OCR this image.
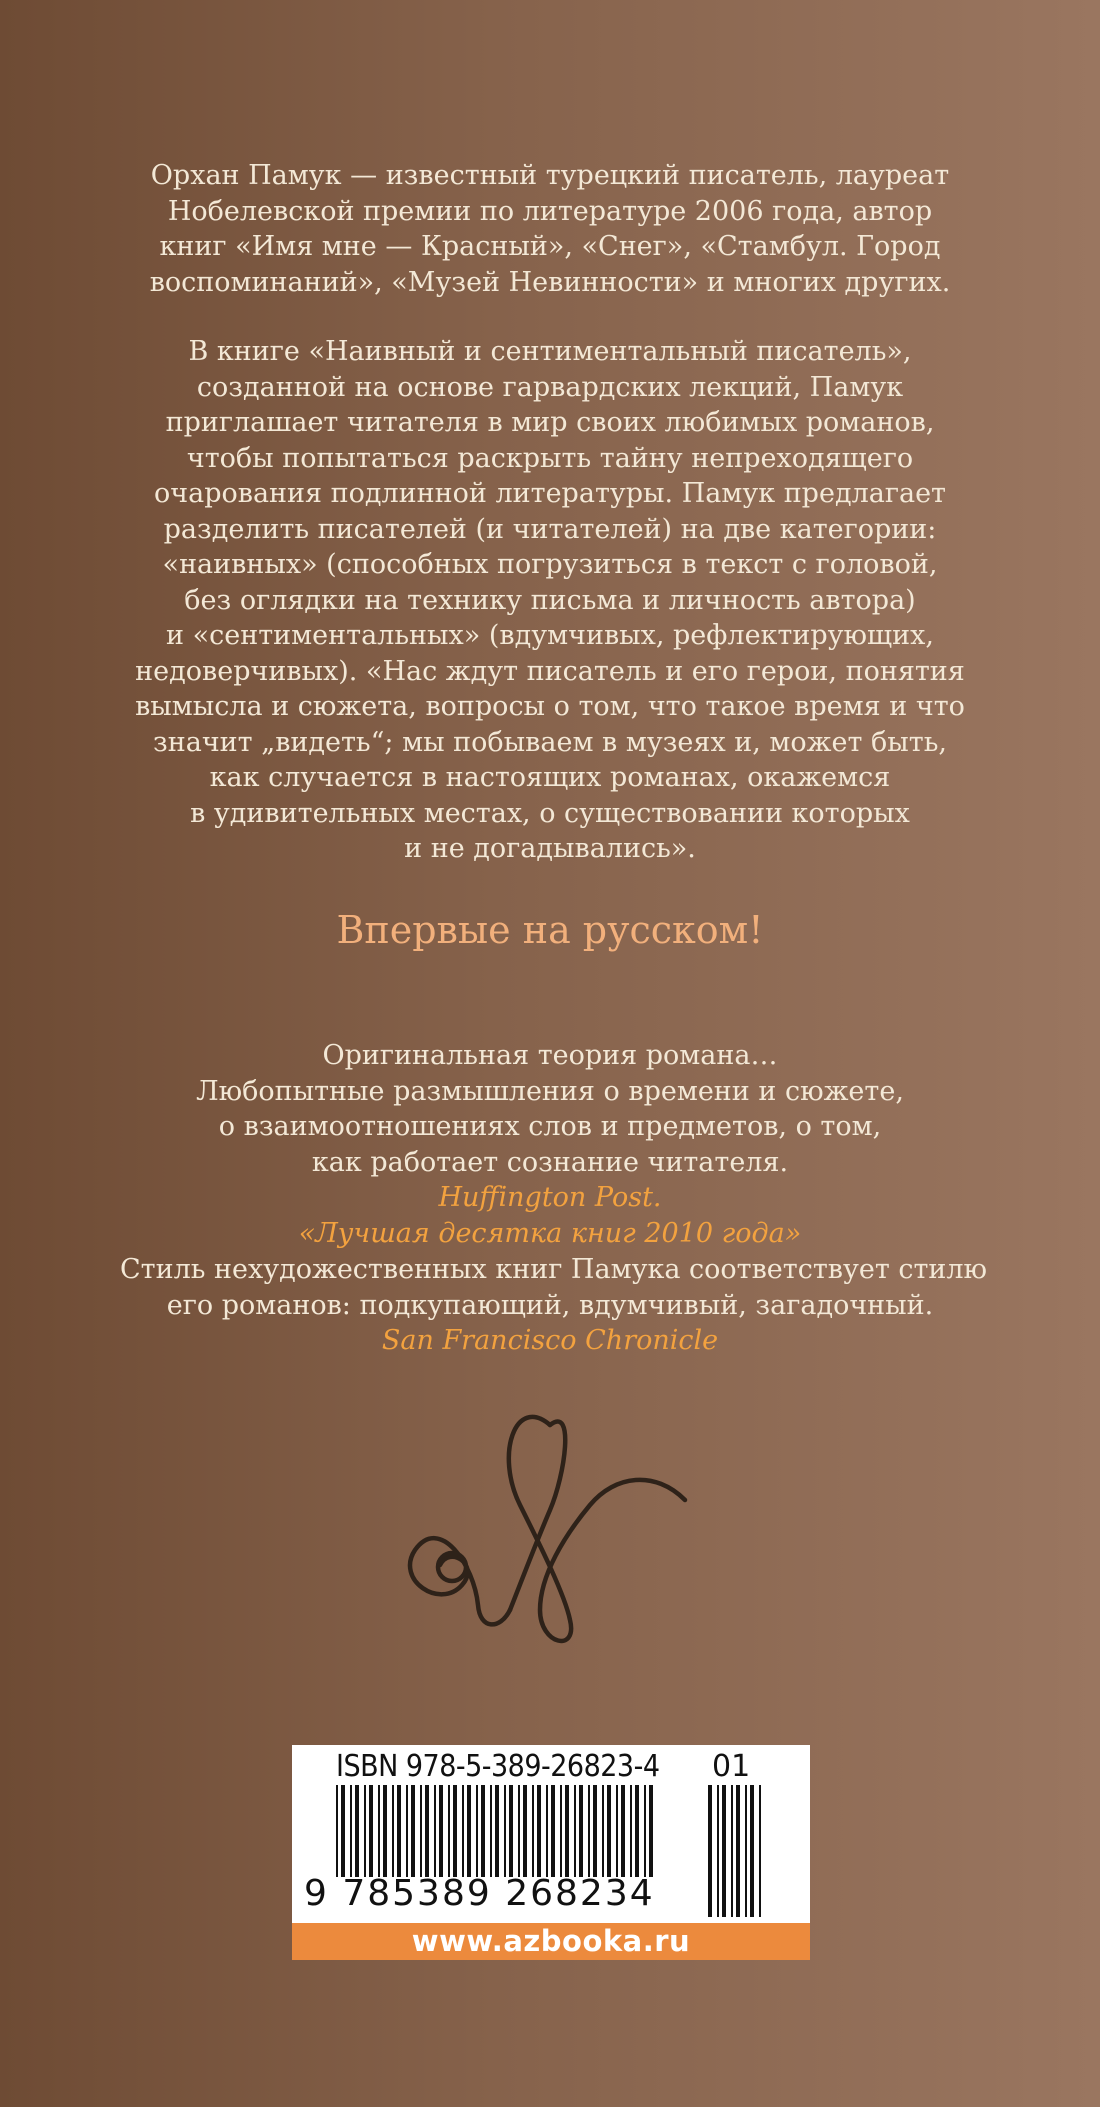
Орхан Памук — известный турецкий писатель, лауреат
Нобелевской премии по литературе 2006 года, автор
книг «Имя мне — Красный», «Снег», «Стамбул. Город
воспоминаний», «Музей Невинности» и многих других.
В книге «Наивный и сентиментальный писатель»,
созданной на основе гарвардских лекций, Памук
приглашает читателя в мир своих любимых романов,
чтобы попытаться раскрыть тайну непреходящего
очарования подлинной литературы. Памук предлагает
разделить писателей (и читателей) на две категории:
«наивных» (способных погрузиться в текст с головой,
без оглядки на технику письма и личность автора)
и «сентиментальных» (вдумчивых, рефлектирующих,
недоверчивых). «Нас ждут писатель и его герои, понятия
вымысла и сюжета, вопросы о том, что такое время и что
значит „видеть“; мы побываем в музеях и, может быть,
как случается в настоящих романах, окажемся
в удивительных местах, о существовании которых
и не догадывались».
Впервые на русском!
Оригинальная теория романа…
Любопытные размышления о времени и сюжете,
о взаимоотношениях слов и предметов, о том,
как работает сознание читателя.
Huffington Post.
«Лучшая десятка книг 2010 года»
Стиль нехудожественных книг Памука соответствует стилю
его романов: подкупающий, вдумчивый, загадочный.
San Francisco Chronicle
ISBN 978-5-389-26823-4 01
9 785389 268234
www.azbooka.ru
